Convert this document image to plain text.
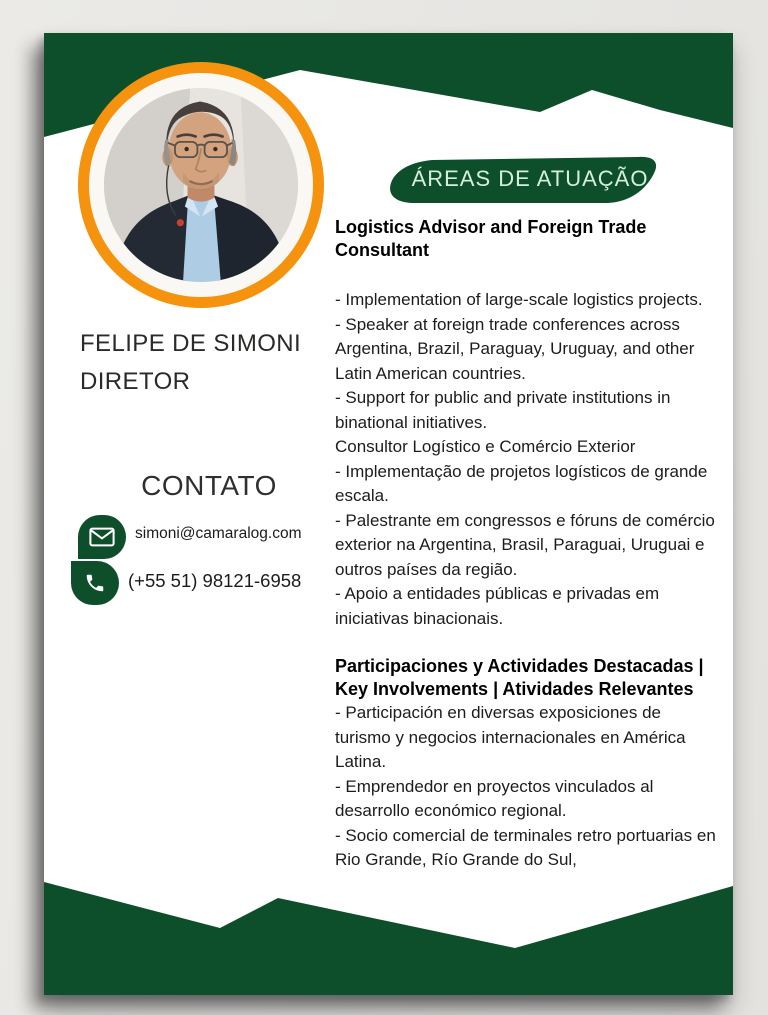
FELIPE DE SIMONI
DIRETOR
CONTATO
simoni@camaralog.com
(+55 51) 98121-6958
ÁREAS DE ATUAÇÃO
Logistics Advisor and Foreign Trade Consultant

- Implementation of large-scale logistics projects.

- Speaker at foreign trade conferences across Argentina, Brazil, Paraguay, Uruguay, and other Latin American countries.

- Support for public and private institutions in binational initiatives.

Consultor Logístico e Comércio Exterior

- Implementação de projetos logísticos de grande escala.

- Palestrante em congressos e fóruns de comércio exterior na Argentina, Brasil, Paraguai, Uruguai e outros países da região.

- Apoio a entidades públicas e privadas em iniciativas binacionais.

Participaciones y Actividades Destacadas | Key Involvements | Atividades Relevantes

- Participación en diversas exposiciones de turismo y negocios internacionales en América Latina.

- Emprendedor en proyectos vinculados al desarrollo económico regional.

- Socio comercial de terminales retro portuarias en Rio Grande, Río Grande do Sul,
